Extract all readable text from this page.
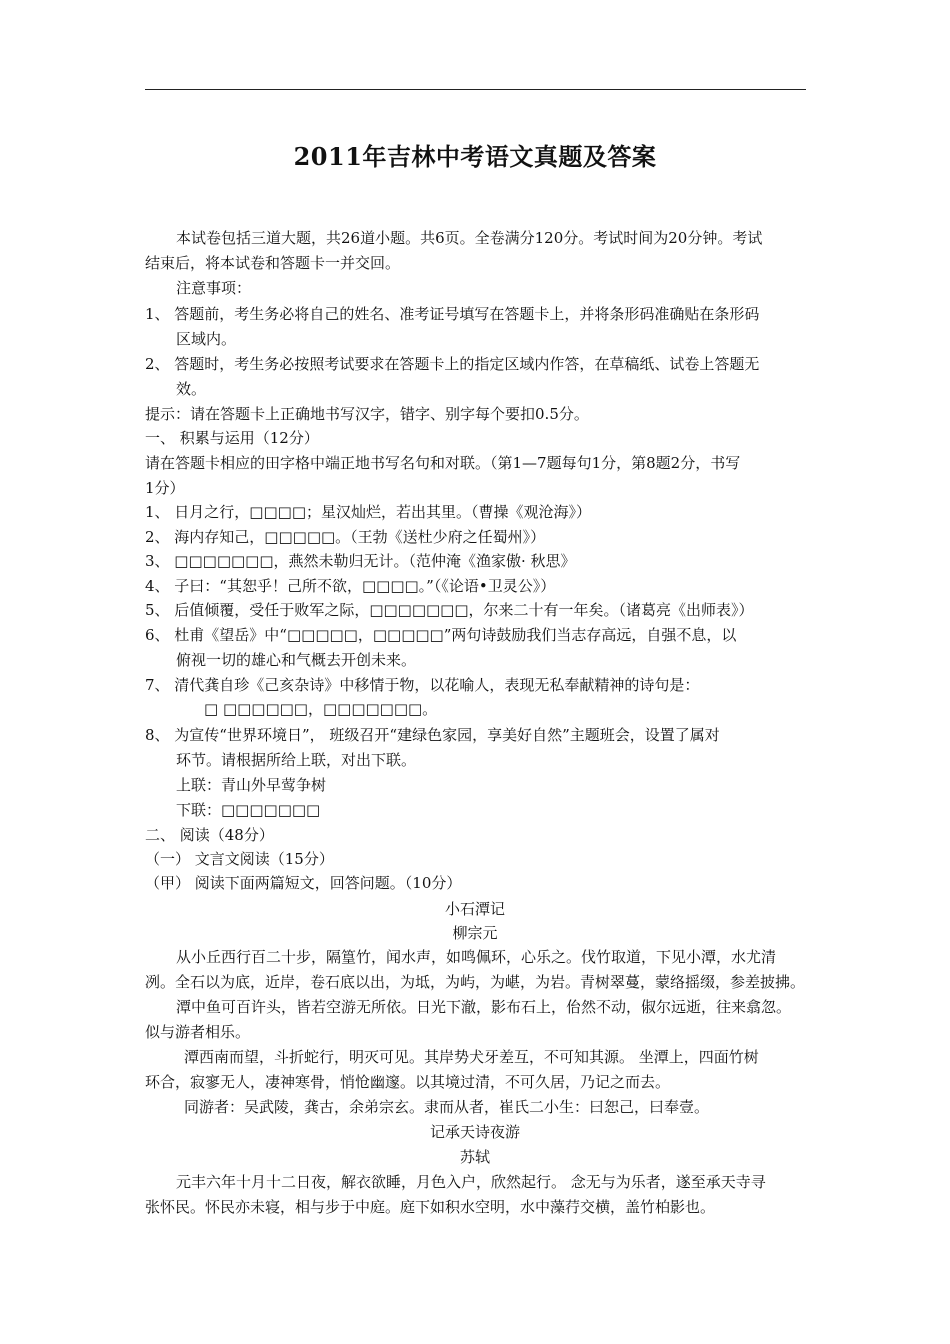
2011年吉林中考语文真题及答案
本试卷包括三道大题，共26道小题。共6页。全卷满分120分。考试时间为20分钟。考试
结束后，将本试卷和答题卡一并交回。
注意事项：
1、 答题前，考生务必将自己的姓名、准考证号填写在答题卡上，并将条形码准确贴在条形码
区域内。
2、 答题时，考生务必按照考试要求在答题卡上的指定区域内作答，在草稿纸、试卷上答题无
效。
提示：请在答题卡上正确地书写汉字，错字、别字每个要扣0.5分。
一、 积累与运用（12分）
请在答题卡相应的田字格中端正地书写名句和对联。（第1—7题每句1分，第8题2分，书写
1分）
1、 日月之行，□□□□；星汉灿烂，若出其里。（曹操《观沧海》）
2、 海内存知己，□□□□□。（王勃《送杜少府之任蜀州》）
3、 □□□□□□□，燕然未勒归无计。（范仲淹《渔家傲· 秋思》
4、 子曰：“其恕乎！己所不欲，□□□□。”（《论语•卫灵公》）
5、 后值倾覆，受任于败军之际，□□□□□□□，尔来二十有一年矣。（诸葛亮《出师表》）
6、 杜甫《望岳》中“□□□□□，□□□□□”两句诗鼓励我们当志存高远，自强不息，以
俯视一切的雄心和气概去开创未来。
7、 清代龚自珍《己亥杂诗》中移情于物，以花喻人，表现无私奉献精神的诗句是：
□ □□□□□□，□□□□□□□。
8、 为宣传“世界环境日”， 班级召开“建绿色家园，享美好自然”主题班会，设置了属对
环节。请根据所给上联，对出下联。
上联：青山外早莺争树
下联：□□□□□□□
二、 阅读（48分）
（一） 文言文阅读（15分）
（甲） 阅读下面两篇短文，回答问题。（10分）
小石潭记
柳宗元
从小丘西行百二十步，隔篁竹，闻水声，如鸣佩环，心乐之。伐竹取道，下见小潭，水尤清
冽。全石以为底，近岸，卷石底以出，为坻，为屿，为嵁，为岩。青树翠蔓，蒙络摇缀，参差披拂。
潭中鱼可百许头，皆若空游无所依。日光下澈，影布石上，佁然不动，俶尔远逝，往来翕忽。
似与游者相乐。
潭西南而望，斗折蛇行，明灭可见。其岸势犬牙差互，不可知其源。 坐潭上，四面竹树
环合，寂寥无人，凄神寒骨，悄怆幽邃。以其境过清，不可久居，乃记之而去。
同游者：吴武陵，龚古，余弟宗玄。隶而从者，崔氏二小生：曰恕己，曰奉壹。
记承天诗夜游
苏轼
元丰六年十月十二日夜，解衣欲睡，月色入户，欣然起行。 念无与为乐者，遂至承天寺寻
张怀民。怀民亦未寝，相与步于中庭。庭下如积水空明，水中藻荇交横，盖竹柏影也。
